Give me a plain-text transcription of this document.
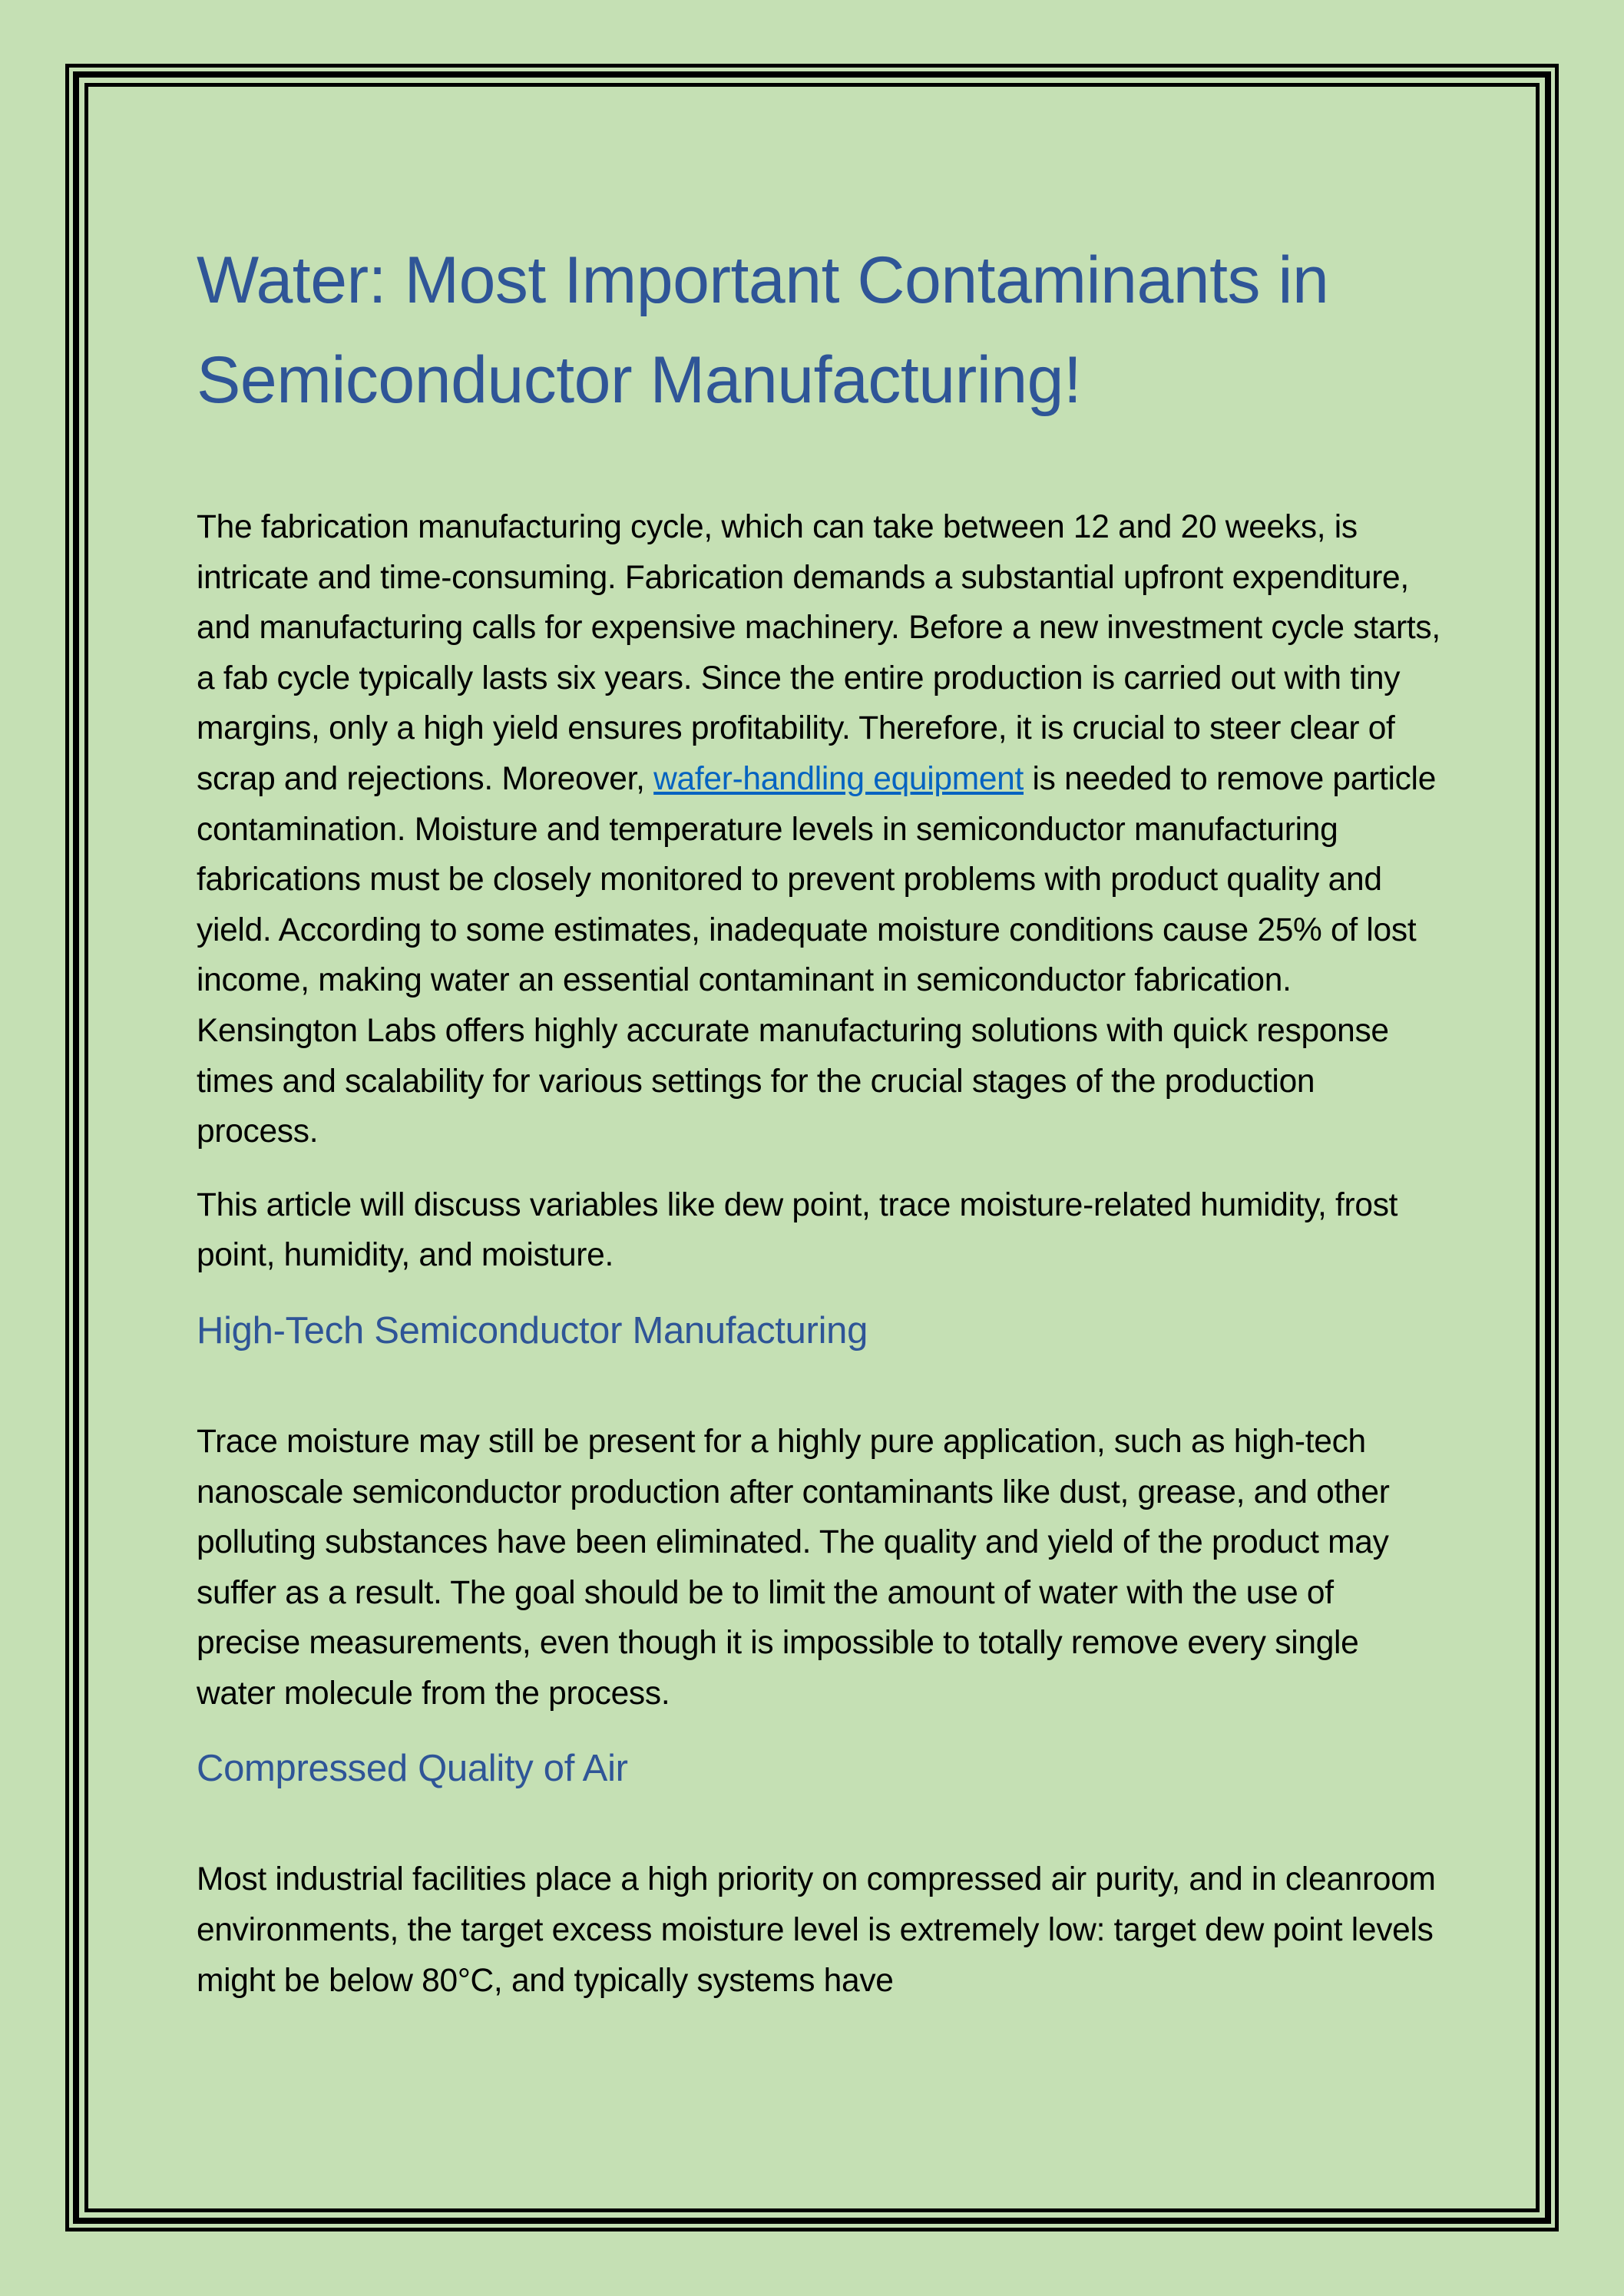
Water: Most Important Contaminants in Semiconductor Manufacturing!

The fabrication manufacturing cycle, which can take between 12 and 20 weeks, is intricate and time-consuming. Fabrication demands a substantial upfront expenditure, and manufacturing calls for expensive machinery. Before a new investment cycle starts, a fab cycle typically lasts six years. Since the entire production is carried out with tiny margins, only a high yield ensures profitability. Therefore, it is crucial to steer clear of scrap and rejections. Moreover, wafer-handling equipment is needed to remove particle contamination. Moisture and temperature levels in semiconductor manufacturing fabrications must be closely monitored to prevent problems with product quality and yield. According to some estimates, inadequate moisture conditions cause 25% of lost income, making water an essential contaminant in semiconductor fabrication. Kensington Labs offers highly accurate manufacturing solutions with quick response times and scalability for various settings for the crucial stages of the production process.

This article will discuss variables like dew point, trace moisture-related humidity, frost point, humidity, and moisture.

High-Tech Semiconductor Manufacturing

Trace moisture may still be present for a highly pure application, such as high-tech nanoscale semiconductor production after contaminants like dust, grease, and other polluting substances have been eliminated. The quality and yield of the product may suffer as a result. The goal should be to limit the amount of water with the use of precise measurements, even though it is impossible to totally remove every single water molecule from the process.

Compressed Quality of Air

Most industrial facilities place a high priority on compressed air purity, and in cleanroom environments, the target excess moisture level is extremely low: target dew point levels might be below 80°C, and typically systems have
